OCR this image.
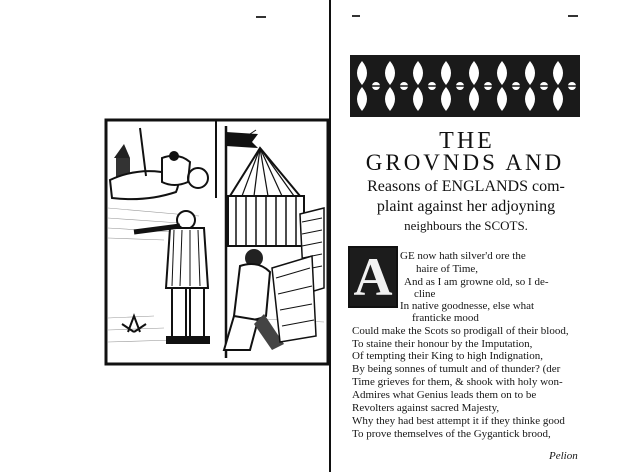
THE
GROVNDS AND
Reasons of ENGLANDS com-
plaint against her adjoyning
neighbours the SCOTS.
A GE now hath silver'd ore the
haire of Time,
And as I am growne old, so I de-
cline
In native goodnesse, else what
franticke mood
Could make the Scots so prodigall of their blood,
To staine their honour by the Imputation,
Of tempting their King to high Indignation,
By being sonnes of tumult and of thunder? (der
Time grieves for them, & shook with holy won-
Admires what Genius leads them on to be
Revolters against sacred Majesty,
Why they had best attempt it if they thinke good
To prove themselves of the Gygantick brood,
Pelion
